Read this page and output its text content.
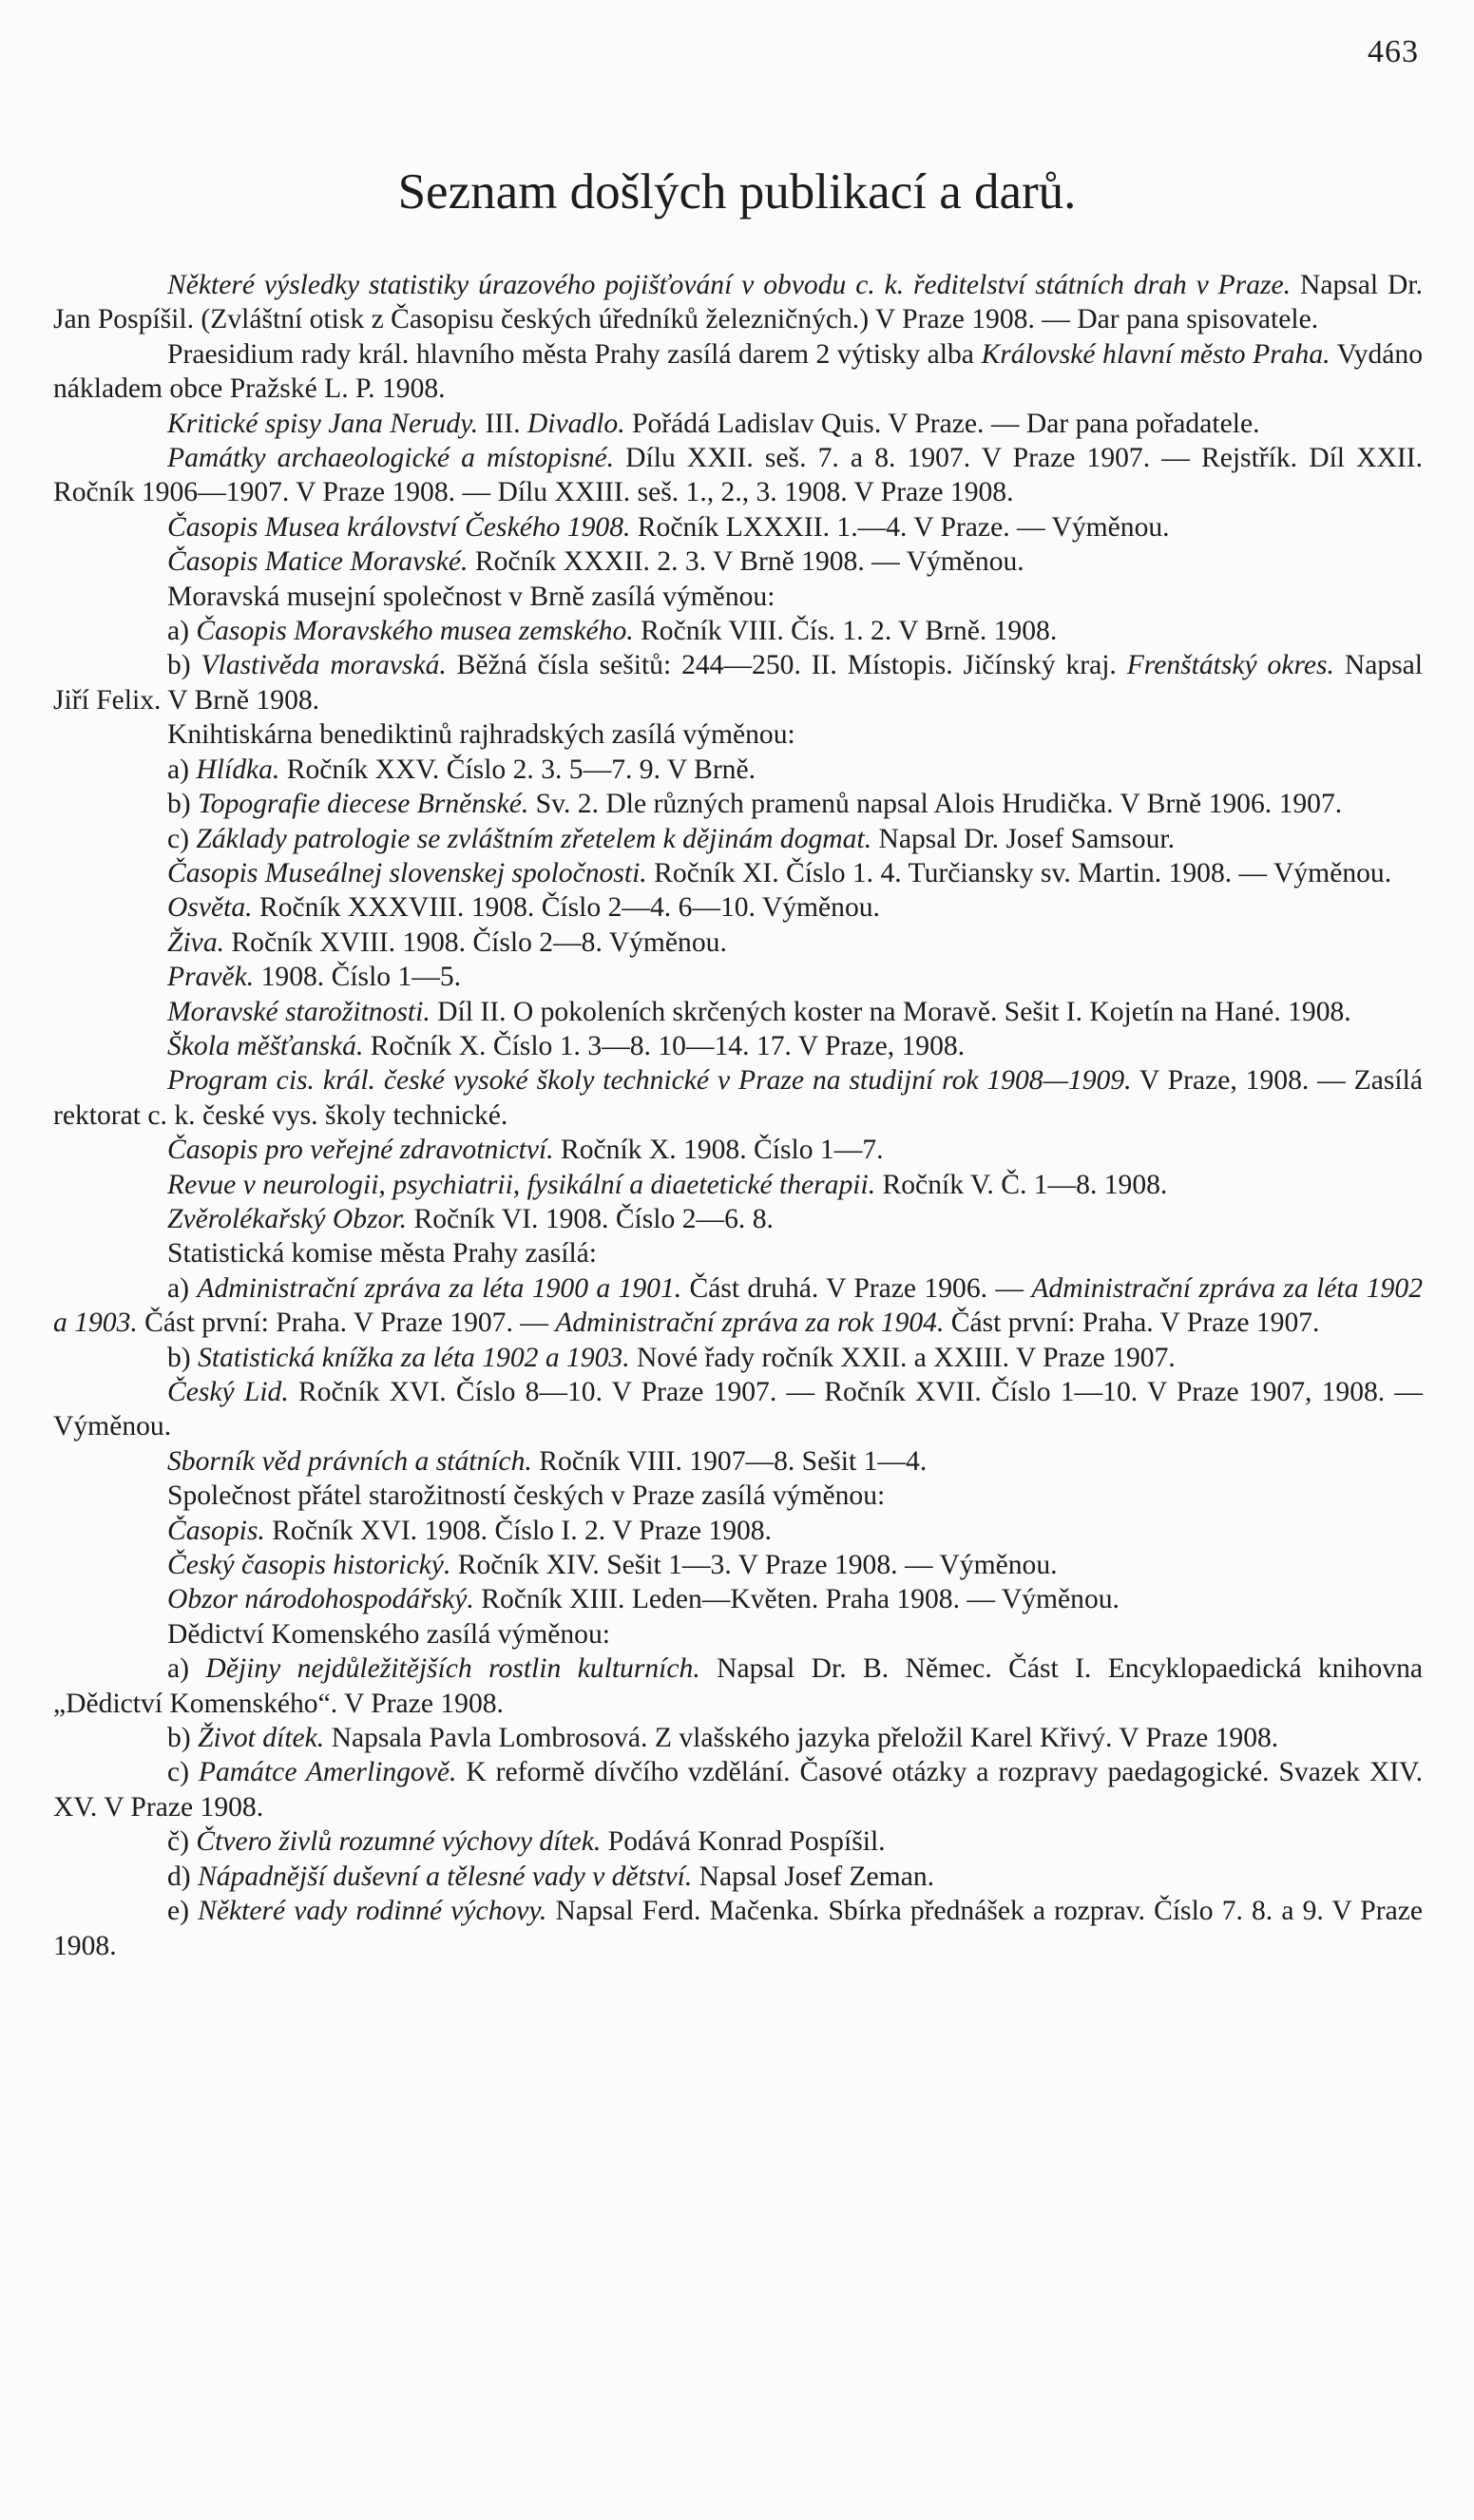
463
Seznam došlých publikací a darů.

Některé výsledky statistiky úrazového pojišťování v obvodu c. k. ředitelství státních drah v Praze. Napsal Dr. Jan Pospíšil. (Zvláštní otisk z Časopisu českých úředníků železničných.) V Praze 1908. — Dar pana spisovatele.

Praesidium rady král. hlavního města Prahy zasílá darem 2 výtisky alba Královské hlavní město Praha. Vydáno nákladem obce Pražské L. P. 1908.

Kritické spisy Jana Nerudy. III. Divadlo. Pořádá Ladislav Quis. V Praze. — Dar pana pořadatele.

Památky archaeologické a místopisné. Dílu XXII. seš. 7. a 8. 1907. V Praze 1907. — Rejstřík. Díl XXII. Ročník 1906—1907. V Praze 1908. — Dílu XXIII. seš. 1., 2., 3. 1908. V Praze 1908.

Časopis Musea království Českého 1908. Ročník LXXXII. 1.—4. V Praze. — Výměnou.

Časopis Matice Moravské. Ročník XXXII. 2. 3. V Brně 1908. — Výměnou.

Moravská musejní společnost v Brně zasílá výměnou:

a) Časopis Moravského musea zemského. Ročník VIII. Čís. 1. 2. V Brně. 1908.

b) Vlastivěda moravská. Běžná čísla sešitů: 244—250. II. Místopis. Jičínský kraj. Frenštátský okres. Napsal Jiří Felix. V Brně 1908.

Knihtiskárna benediktinů rajhradských zasílá výměnou:

a) Hlídka. Ročník XXV. Číslo 2. 3. 5—7. 9. V Brně.

b) Topografie diecese Brněnské. Sv. 2. Dle různých pramenů napsal Alois Hrudička. V Brně 1906. 1907.

c) Základy patrologie se zvláštním zřetelem k dějinám dogmat. Napsal Dr. Josef Samsour.

Časopis Museálnej slovenskej spoločnosti. Ročník XI. Číslo 1. 4. Turčiansky sv. Martin. 1908. — Výměnou.

Osvěta. Ročník XXXVIII. 1908. Číslo 2—4. 6—10. Výměnou.

Živa. Ročník XVIII. 1908. Číslo 2—8. Výměnou.

Pravěk. 1908. Číslo 1—5.

Moravské starožitnosti. Díl II. O pokoleních skrčených koster na Moravě. Sešit I. Kojetín na Hané. 1908.

Škola měšťanská. Ročník X. Číslo 1. 3—8. 10—14. 17. V Praze, 1908.

Program cis. král. české vysoké školy technické v Praze na studijní rok 1908—1909. V Praze, 1908. — Zasílá rektorat c. k. české vys. školy technické.

Časopis pro veřejné zdravotnictví. Ročník X. 1908. Číslo 1—7.

Revue v neurologii, psychiatrii, fysikální a diaetetické therapii. Ročník V. Č. 1—8. 1908.

Zvěrolékařský Obzor. Ročník VI. 1908. Číslo 2—6. 8.

Statistická komise města Prahy zasílá:

a) Administrační zpráva za léta 1900 a 1901. Část druhá. V Praze 1906. — Administrační zpráva za léta 1902 a 1903. Část první: Praha. V Praze 1907. — Administrační zpráva za rok 1904. Část první: Praha. V Praze 1907.

b) Statistická knížka za léta 1902 a 1903. Nové řady ročník XXII. a XXIII. V Praze 1907.

Český Lid. Ročník XVI. Číslo 8—10. V Praze 1907. — Ročník XVII. Číslo 1—10. V Praze 1907, 1908. — Výměnou.

Sborník věd právních a státních. Ročník VIII. 1907—8. Sešit 1—4.

Společnost přátel starožitností českých v Praze zasílá výměnou:

Časopis. Ročník XVI. 1908. Číslo I. 2. V Praze 1908.

Český časopis historický. Ročník XIV. Sešit 1—3. V Praze 1908. — Výměnou.

Obzor národohospodářský. Ročník XIII. Leden—Květen. Praha 1908. — Výměnou.

Dědictví Komenského zasílá výměnou:

a) Dějiny nejdůležitějších rostlin kulturních. Napsal Dr. B. Němec. Část I. Encyklopaedická knihovna „Dědictví Komenského“. V Praze 1908.

b) Život dítek. Napsala Pavla Lombrosová. Z vlašského jazyka přeložil Karel Křivý. V Praze 1908.

c) Památce Amerlingově. K reformě dívčího vzdělání. Časové otázky a rozpravy paedagogické. Svazek XIV. XV. V Praze 1908.

č) Čtvero živlů rozumné výchovy dítek. Podává Konrad Pospíšil.

d) Nápadnější duševní a tělesné vady v dětství. Napsal Josef Zeman.

e) Některé vady rodinné výchovy. Napsal Ferd. Mačenka. Sbírka přednášek a rozprav. Číslo 7. 8. a 9. V Praze 1908.
